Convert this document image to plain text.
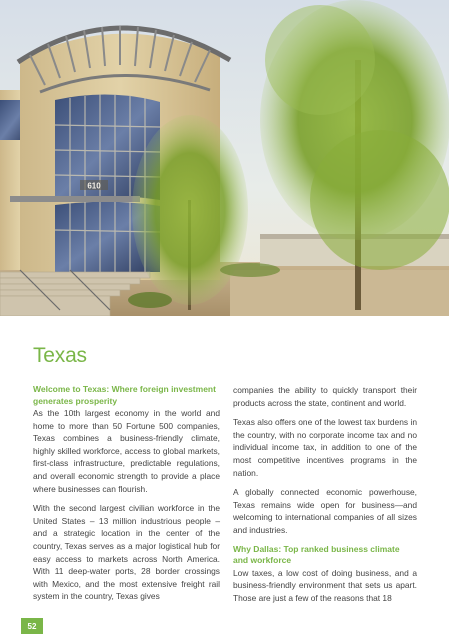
610
Texas
Welcome to Texas: Where foreign investment generates prosperity

As the 10th largest economy in the world and home to more than 50 Fortune 500 companies, Texas combines a business-friendly climate, highly skilled workforce, access to global markets, first-class infrastructure, predictable regulations, and overall economic strength to provide a place where businesses can flourish.

With the second largest civilian workforce in the United States – 13 million industrious people – and a strategic location in the center of the country, Texas serves as a major logistical hub for easy access to markets across North America. With 11 deep-water ports, 28 border crossings with Mexico, and the most extensive freight rail system in the country, Texas gives

companies the ability to quickly transport their products across the state, continent and world.

Texas also offers one of the lowest tax burdens in the country, with no corporate income tax and no individual income tax, in addition to one of the most competitive incentives programs in the nation.

A globally connected economic powerhouse, Texas remains wide open for business—and welcoming to international companies of all sizes and industries.

Why Dallas: Top ranked business climate and workforce

Low taxes, a low cost of doing business, and a business-friendly environment that sets us apart. Those are just a few of the reasons that 18

52
